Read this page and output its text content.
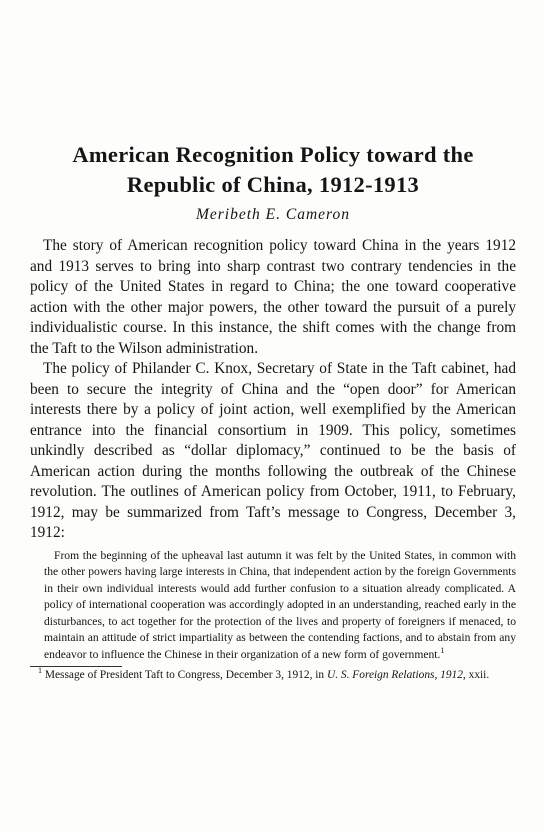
American Recognition Policy toward the
Republic of China, 1912-1913
Meribeth E. Cameron

The story of American recognition policy toward China in the years 1912 and 1913 serves to bring into sharp contrast two contrary tendencies in the policy of the United States in regard to China; the one toward cooperative action with the other major powers, the other toward the pursuit of a purely individualistic course. In this instance, the shift comes with the change from the Taft to the Wilson administration.

The policy of Philander C. Knox, Secretary of State in the Taft cabinet, had been to secure the integrity of China and the “open door” for American interests there by a policy of joint action, well exemplified by the American entrance into the financial consortium in 1909. This policy, sometimes unkindly described as “dollar diplomacy,” continued to be the basis of American action during the months following the outbreak of the Chinese revolution. The outlines of American policy from October, 1911, to February, 1912, may be summarized from Taft’s message to Congress, December 3, 1912:

From the beginning of the upheaval last autumn it was felt by the United States, in common with the other powers having large interests in China, that independent action by the foreign Governments in their own individual interests would add further confusion to a situation already complicated. A policy of international cooperation was accordingly adopted in an understanding, reached early in the disturbances, to act together for the protection of the lives and property of foreigners if menaced, to maintain an attitude of strict impartiality as between the contending factions, and to abstain from any endeavor to influence the Chinese in their organization of a new form of government.$^1$

$^1$ Message of President Taft to Congress, December 3, 1912, in U. S. Foreign Relations, 1912, xxii.
